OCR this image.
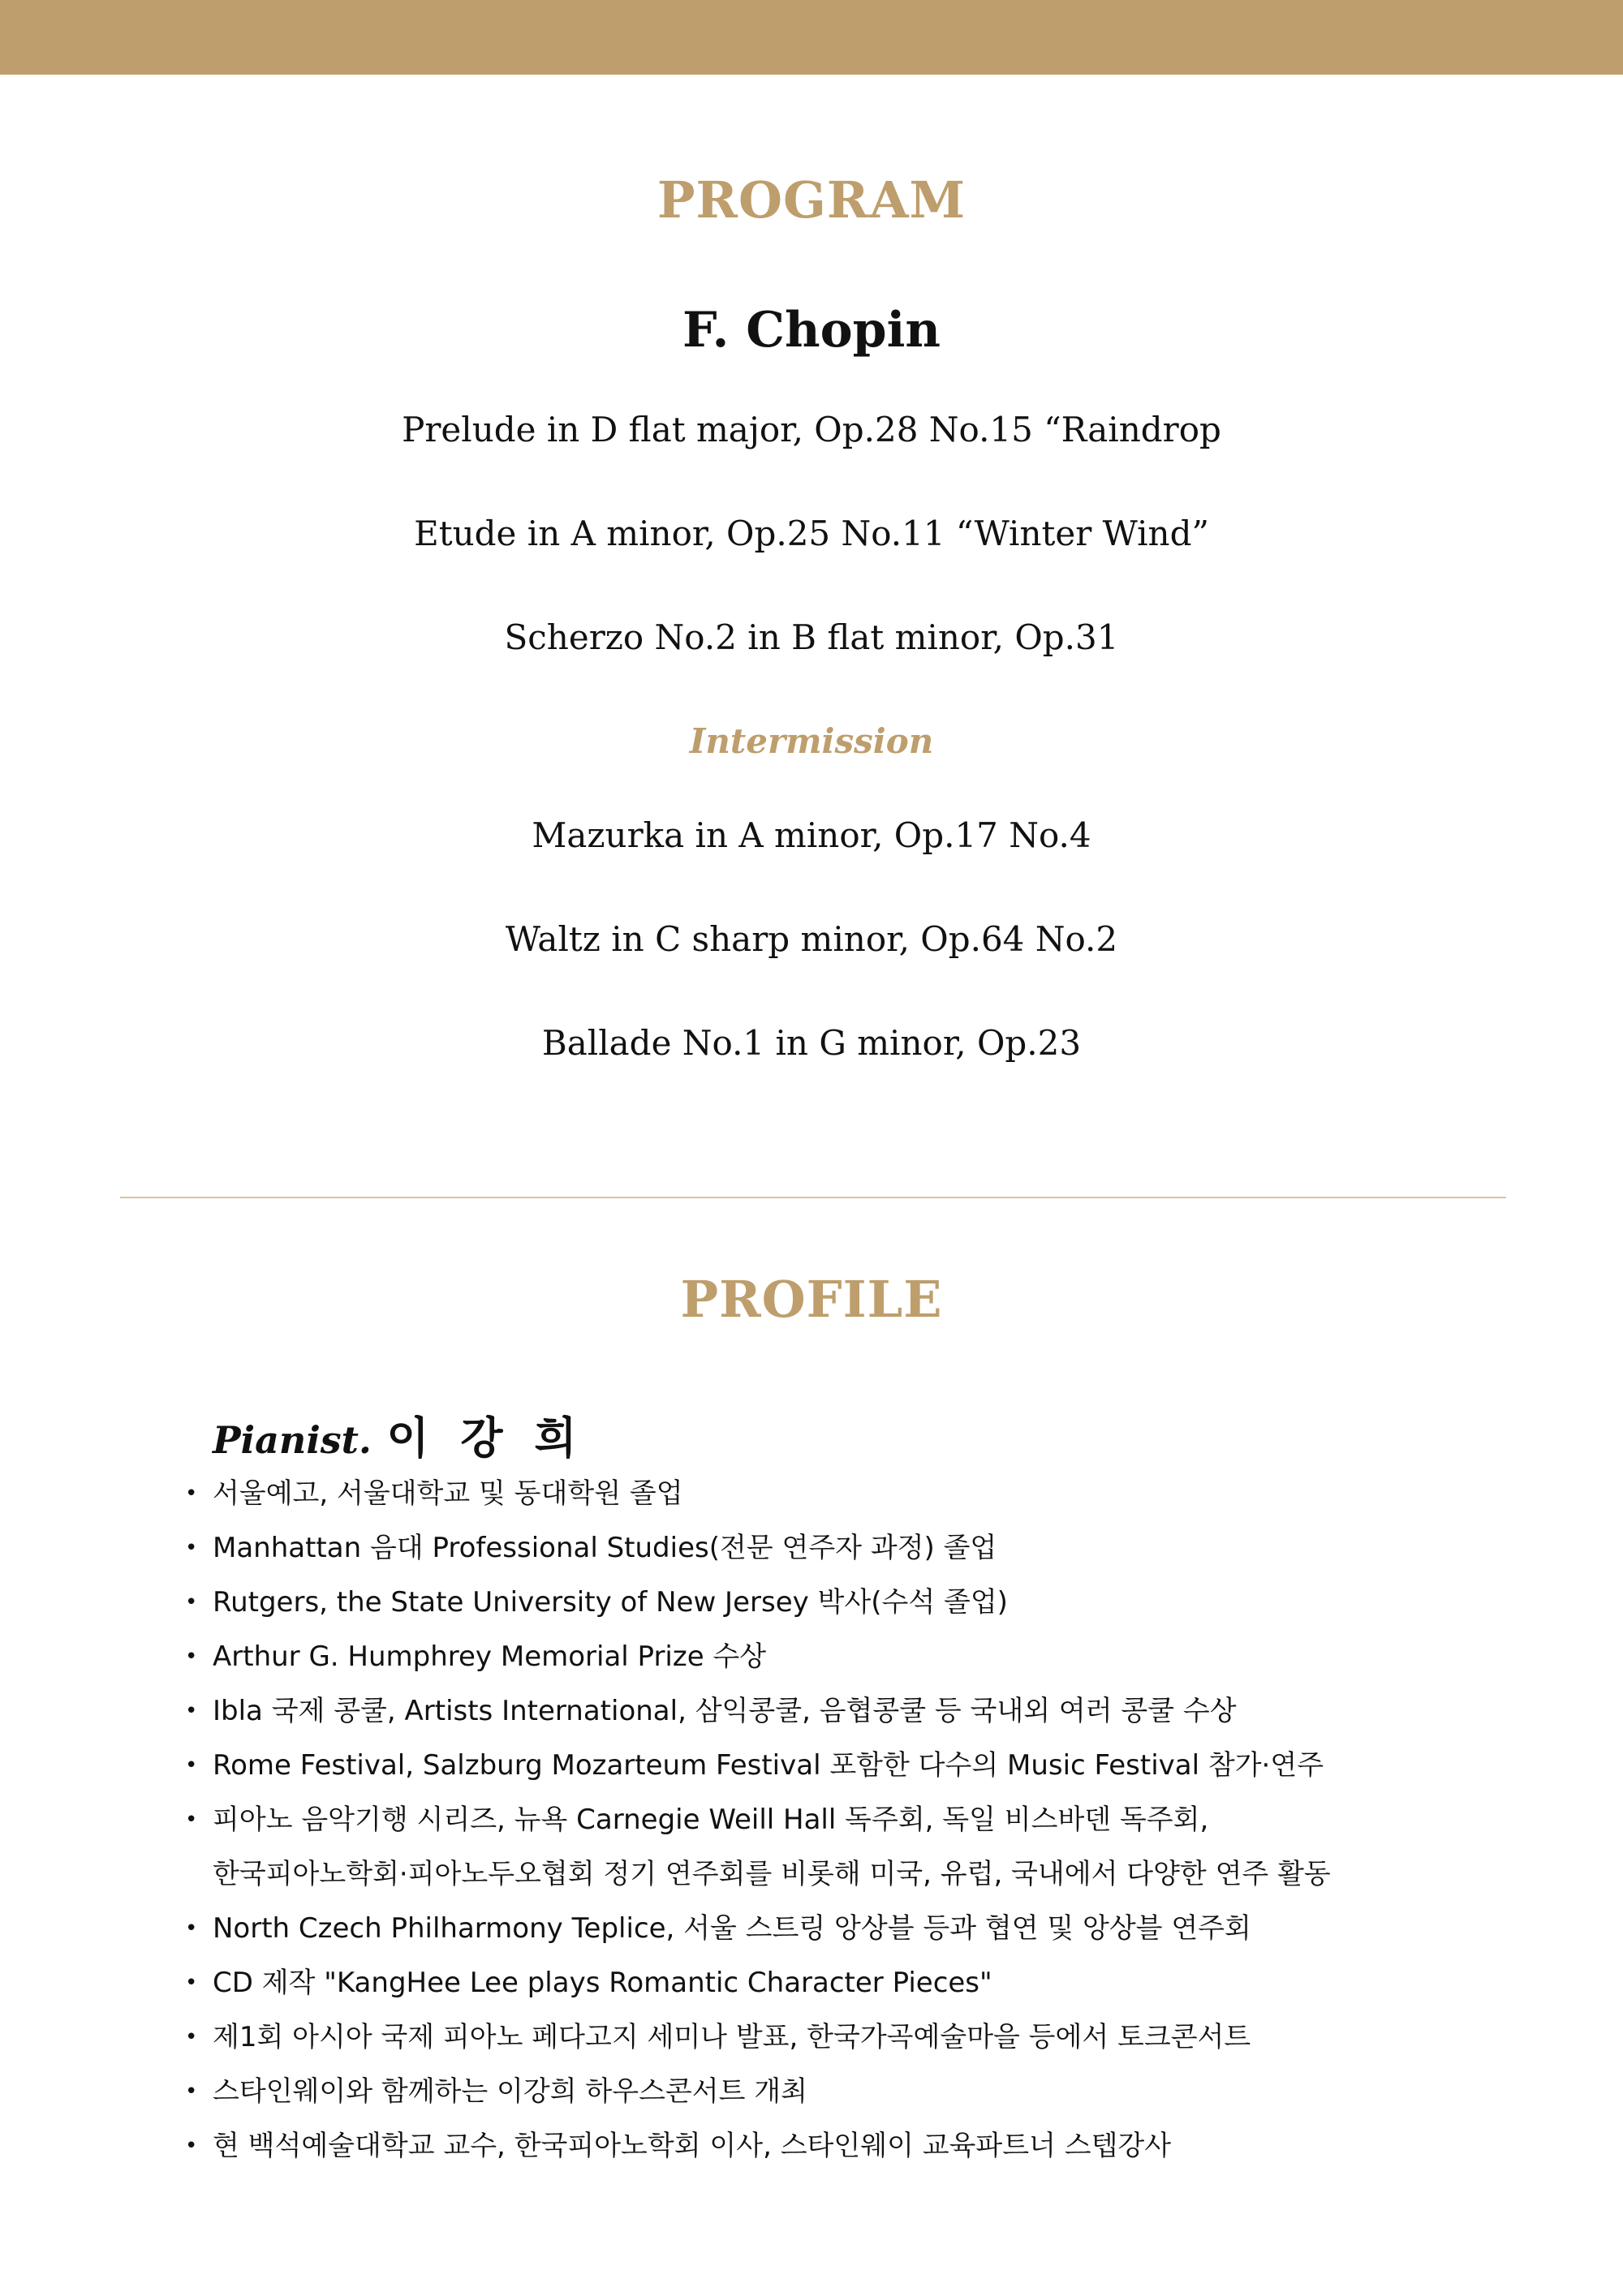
PROGRAM
F. Chopin
Prelude in D flat major, Op.28 No.15 “Raindrop
Etude in A minor, Op.25 No.11 “Winter Wind”
Scherzo No.2 in B flat minor, Op.31
Intermission
Mazurka in A minor, Op.17 No.4
Waltz in C sharp minor, Op.64 No.2
Ballade No.1 in G minor, Op.23
PROFILE
Pianist. 이 강 희
• 서울예고, 서울대학교 및 동대학원 졸업
• Manhattan 음대 Professional Studies(전문 연주자 과정) 졸업
• Rutgers, the State University of New Jersey 박사(수석 졸업)
• Arthur G. Humphrey Memorial Prize 수상
• Ibla 국제 콩쿨, Artists International, 삼익콩쿨, 음협콩쿨 등 국내외 여러 콩쿨 수상
• Rome Festival, Salzburg Mozarteum Festival 포함한 다수의 Music Festival 참가·연주
• 피아노 음악기행 시리즈, 뉴욕 Carnegie Weill Hall 독주회, 독일 비스바덴 독주회,
한국피아노학회·피아노두오협회 정기 연주회를 비롯해 미국, 유럽, 국내에서 다양한 연주 활동
• North Czech Philharmony Teplice, 서울 스트링 앙상블 등과 협연 및 앙상블 연주회
• CD 제작 "KangHee Lee plays Romantic Character Pieces"
• 제1회 아시아 국제 피아노 페다고지 세미나 발표, 한국가곡예술마을 등에서 토크콘서트
• 스타인웨이와 함께하는 이강희 하우스콘서트 개최
• 현 백석예술대학교 교수, 한국피아노학회 이사, 스타인웨이 교육파트너 스텝강사
